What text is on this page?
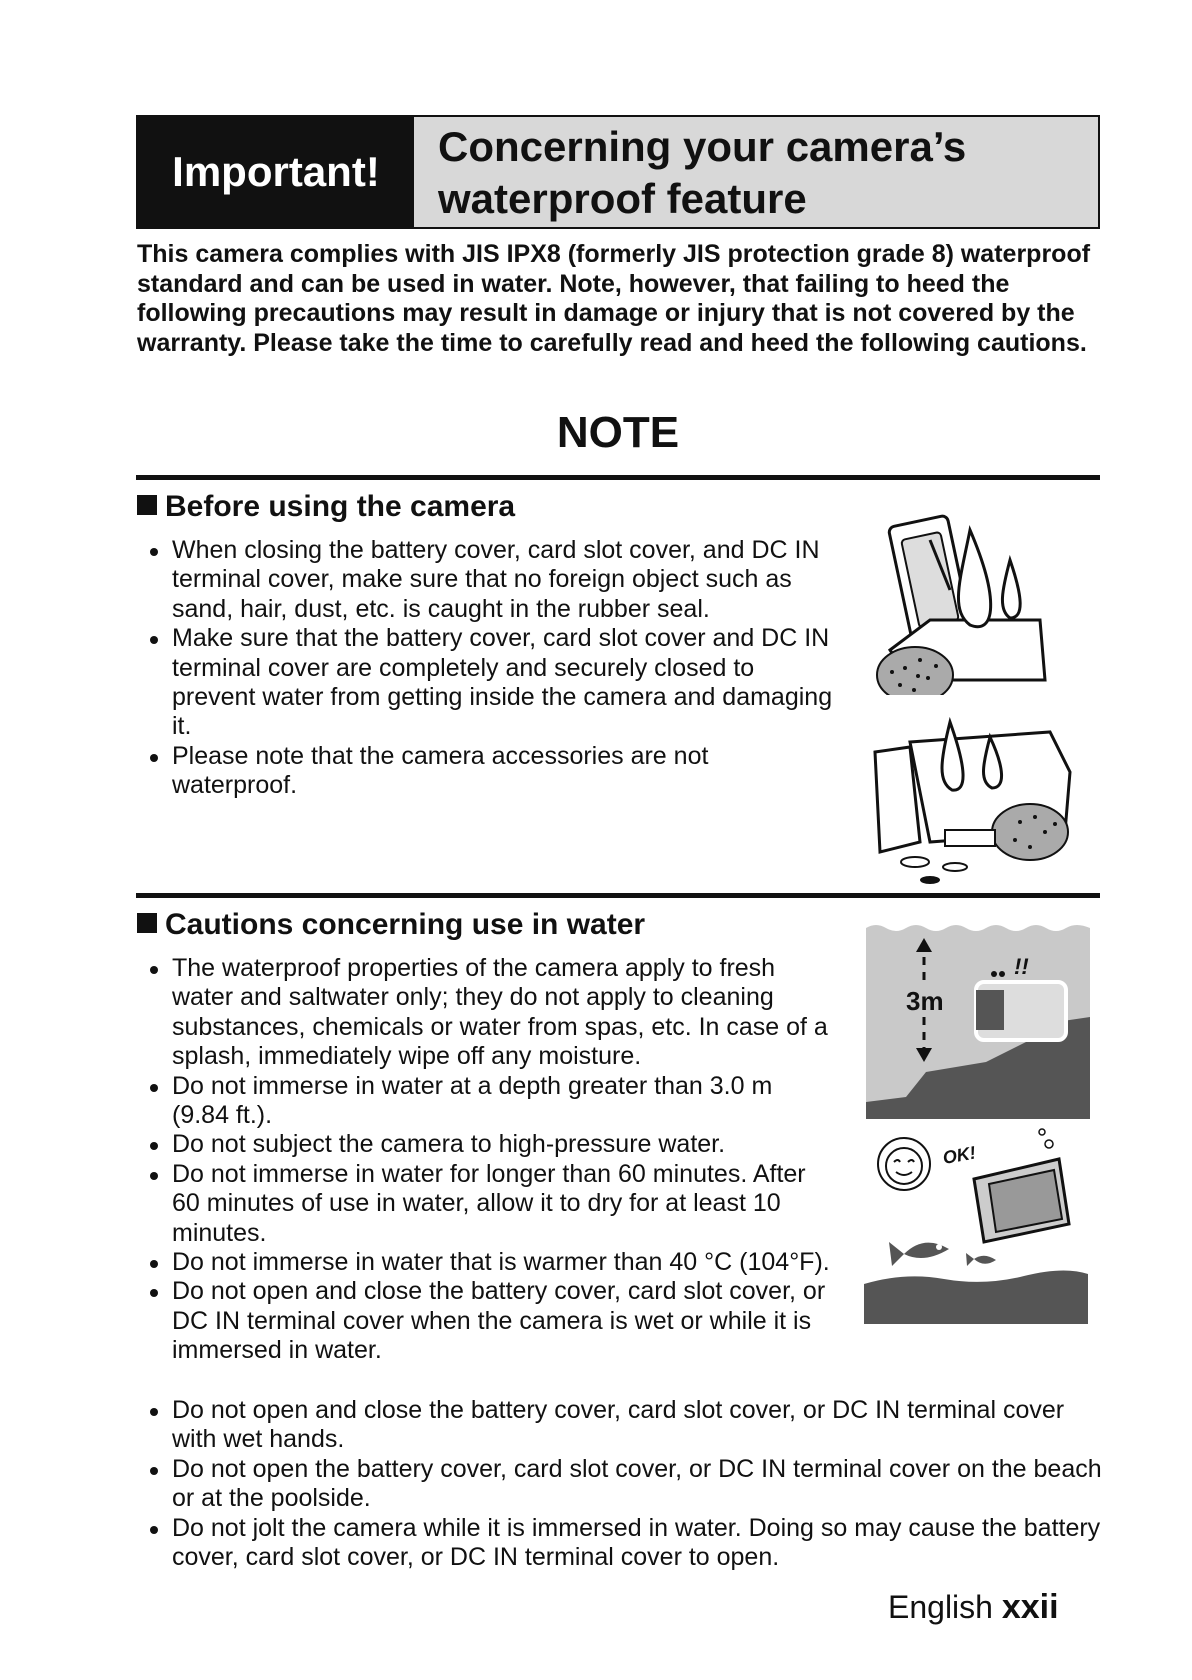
Important!
Concerning your camera’s
waterproof feature
This camera complies with JIS IPX8 (formerly JIS protection grade 8) waterproof standard and can be used in water. Note, however, that failing to heed the following precautions may result in damage or injury that is not covered by the warranty. Please take the time to carefully read and heed the following cautions.
NOTE
Before using the camera
When closing the battery cover, card slot cover, and DC IN terminal cover, make sure that no foreign object such as sand, hair, dust, etc. is caught in the rubber seal.
Make sure that the battery cover, card slot cover and DC IN terminal cover are completely and securely closed to prevent water from getting inside the camera and damaging it.
Please note that the camera accessories are not waterproof.
Cautions concerning use in water
The waterproof properties of the camera apply to fresh water and saltwater only; they do not apply to cleaning substances, chemicals or water from spas, etc. In case of a splash, immediately wipe off any moisture.
Do not immerse in water at a depth greater than 3.0 m (9.84 ft.).
Do not subject the camera to high-pressure water.
Do not immerse in water for longer than 60 minutes. After 60 minutes of use in water, allow it to dry for at least 10 minutes.
Do not immerse in water that is warmer than 40 °C (104°F).
Do not open and close the battery cover, card slot cover, or DC IN terminal cover when the camera is wet or while it is immersed in water.
Do not open and close the battery cover, card slot cover, or DC IN terminal cover with wet hands.
Do not open the battery cover, card slot cover, or DC IN terminal cover on the beach or at the poolside.
Do not jolt the camera while it is immersed in water. Doing so may cause the battery cover, card slot cover, or DC IN terminal cover to open.
3m
!!
OK!
English xxii
